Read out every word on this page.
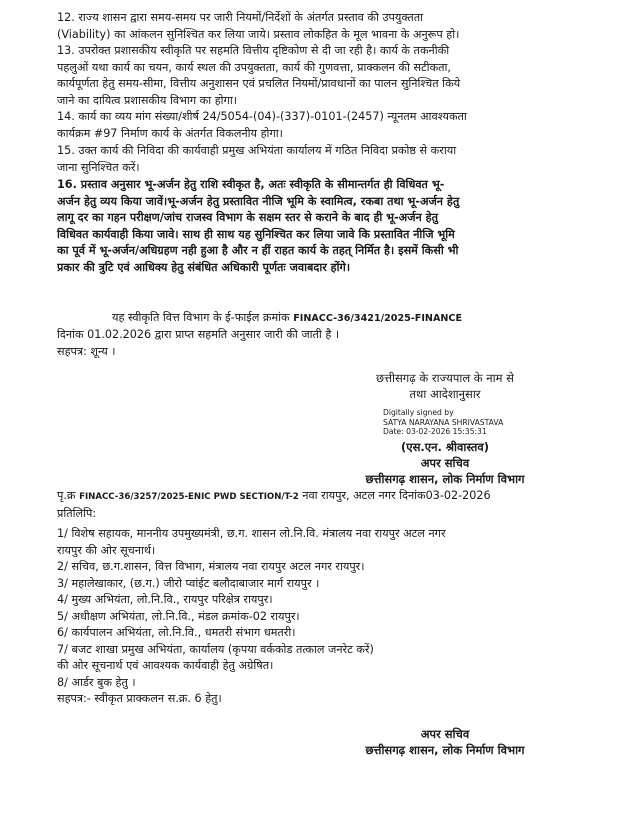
12. राज्य शासन द्वारा समय-समय पर जारी नियमों/निर्देशों के अंतर्गत प्रस्ताव की उपयुक्तता
(Viability) का आंकलन सुनिश्चित कर लिया जाये। प्रस्ताव लोकहित के मूल भावना के अनुरूप हो।
13. उपरोक्त प्रशासकीय स्वीकृति पर सहमति वित्तीय दृष्टिकोण से दी जा रही है। कार्य के तकनीकी
पहलुओं यथा कार्य का चयन, कार्य स्थल की उपयुक्तता, कार्य की गुणवत्ता, प्राक्कलन की सटीकता,
कार्यपूर्णता हेतु समय-सीमा, वित्तीय अनुशासन एवं प्रचलित नियमों/प्रावधानों का पालन सुनिश्चित किये
जाने का दायित्व प्रशासकीय विभाग का होगा।
14. कार्य का व्यय मांग संख्या/शीर्ष 24/5054-(04)-(337)-0101-(2457) न्यूनतम आवश्यकता
कार्यक्रम #97 निर्माण कार्य के अंतर्गत विकलनीय होगा।
15. उक्त कार्य की निविदा की कार्यवाही प्रमुख अभियंता कार्यालय में गठित निविदा प्रकोष्ठ से कराया
जाना सुनिश्चित करें।
16. प्रस्ताव अनुसार भू-अर्जन हेतु राशि स्वीकृत है, अतः स्वीकृति के सीमान्तर्गत ही विधिवत भू-
अर्जन हेतु व्यय किया जावें।भू-अर्जन हेतु प्रस्तावित नीजि भूमि के स्वामित्व, रकबा तथा भू-अर्जन हेतु
लागू दर का गहन परीक्षण/जांच राजस्व विभाग के सक्षम स्तर से कराने के बाद ही भू-अर्जन हेतु
विधिवत कार्यवाही किया जावे। साथ ही साथ यह सुनिश्चित कर लिया जावे कि प्रस्तावित नीजि भूमि
का पूर्व में भू-अर्जन/अधिग्रहण नही हुआ है और न हीं राहत कार्य के तहत् निर्मित है। इसमें किसी भी
प्रकार की त्रुटि एवं आधिक्य हेतु संबंधित अधिकारी पूर्णतः जवाबदार होंगे।
यह स्वीकृति वित्त विभाग के ई-फाईल क्रमांक FINACC-36/3421/2025-FINANCE
दिनांक 01.02.2026 द्वारा प्राप्त सहमति अनुसार जारी की जाती है ।
सहपत्र: शून्य ।
छत्तीसगढ़ के राज्यपाल के नाम से
तथा आदेशानुसार
Digitally signed by
SATYA NARAYANA SHRIVASTAVA
Date: 03-02-2026 15:35:31
(एस.एन. श्रीवास्तव)
अपर सचिव
छत्तीसगढ़ शासन, लोक निर्माण विभाग
पृ.क्र FINACC-36/3257/2025-ENIC PWD SECTION/T-2 नवा रायपुर, अटल नगर दिनांक03-02-2026
प्रतिलिपि:
1/ विशेष सहायक, माननीय उपमुख्यमंत्री, छ.ग. शासन लो.नि.वि. मंत्रालय नवा रायपुर अटल नगर
रायपुर की ओर सूचनार्थ।
2/ सचिव, छ.ग.शासन, वित्त विभाग, मंत्रालय नवा रायपुर अटल नगर रायपुर।
3/ महालेखाकार, (छ.ग.) जीरो प्वांईट बलौदाबाजार मार्ग रायपुर ।
4/ मुख्य अभियंता, लो.नि.वि., रायपुर परिक्षेत्र रायपुर।
5/ अधीक्षण अभियंता, लो.नि.वि., मंडल क्रमांक-02 रायपुर।
6/ कार्यपालन अभियंता, लो.नि.वि., धमतरी संभाग धमतरी।
7/ बजट शाखा प्रमुख अभियंता, कार्यालय (कृपया वर्ककोड तत्काल जनरेट करें)
की ओर सूचनार्थ एवं आवश्यक कार्यवाही हेतु अग्रेषित।
8/ आर्डर बुक हेतु ।
सहपत्र:- स्वीकृत प्राक्कलन स.क्र. 6 हेतु।
अपर सचिव
छत्तीसगढ़ शासन, लोक निर्माण विभाग
